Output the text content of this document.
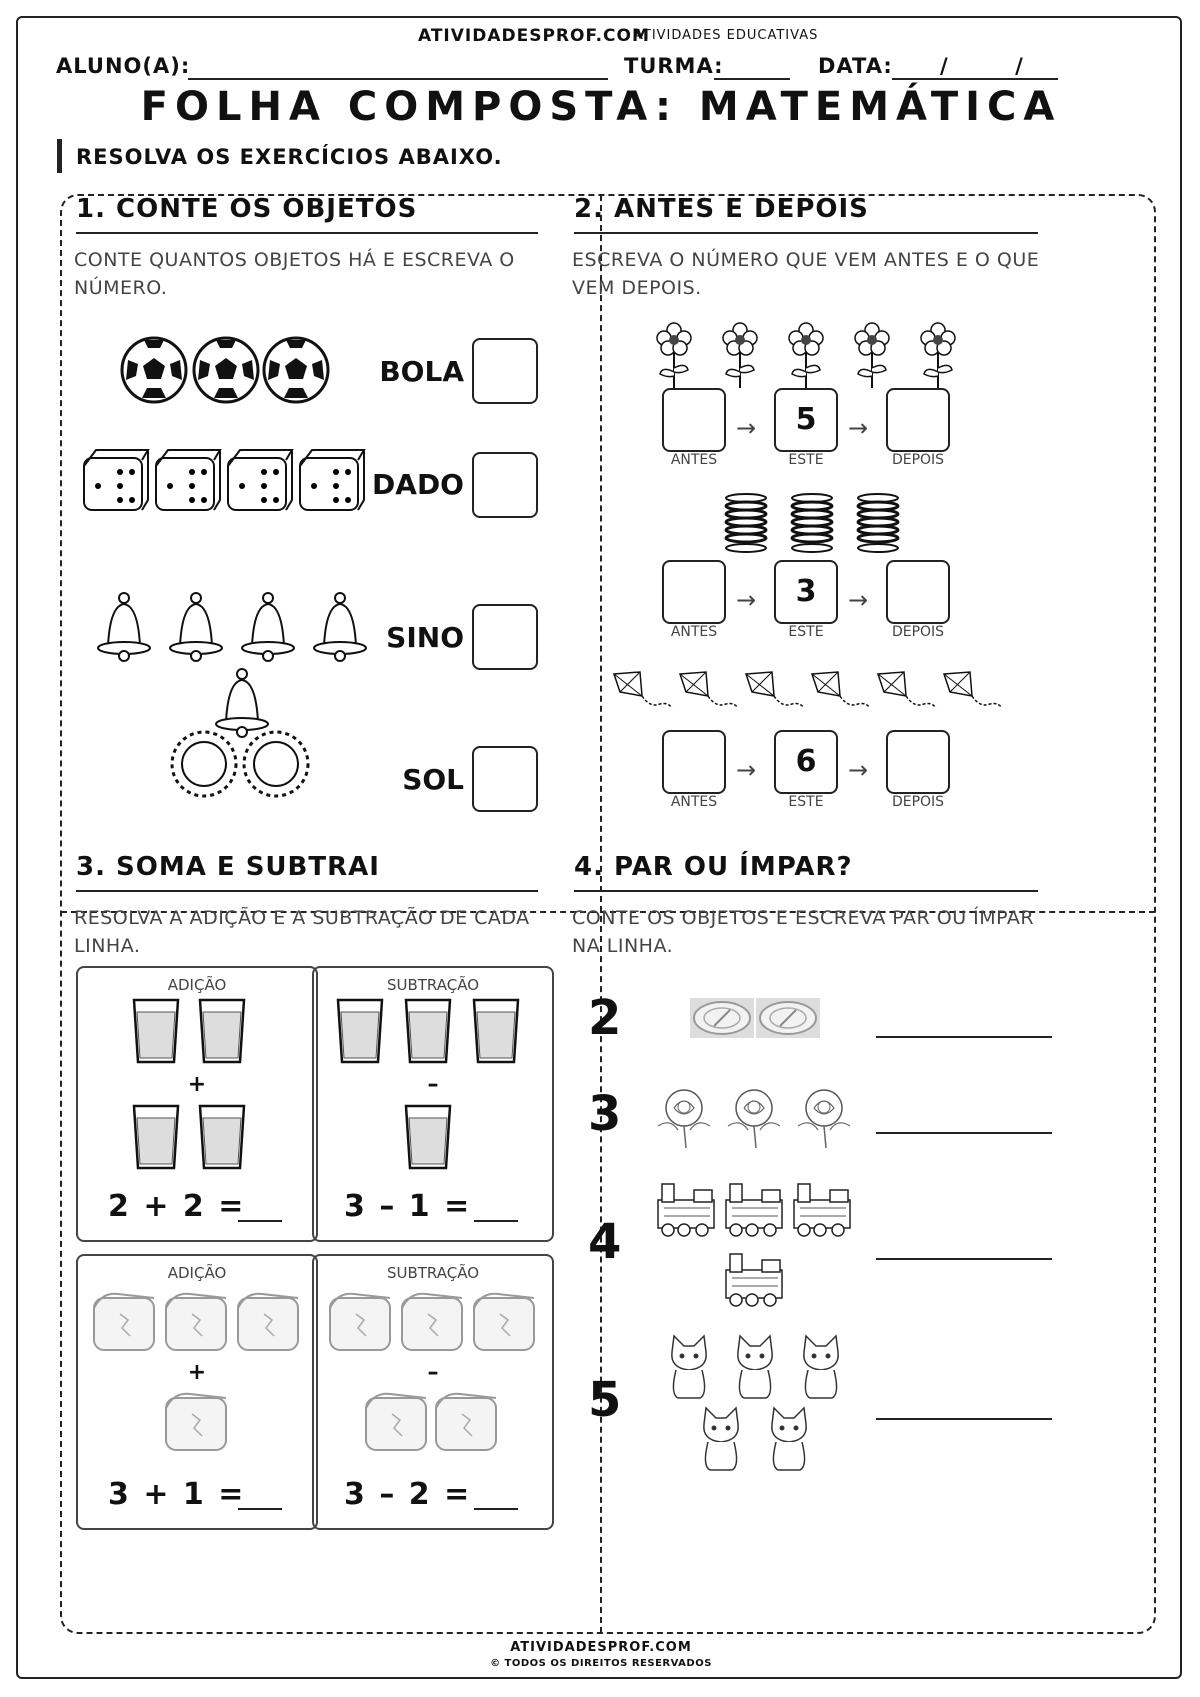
ATIVIDADESPROF.COM
ATIVIDADES EDUCATIVAS
ALUNO(A):	TURMA:	DATA: /        /
FOLHA COMPOSTA: MATEMÁTICA
RESOLVA OS EXERCÍCIOS ABAIXO.
1. CONTE OS OBJETOS
CONTE QUANTOS OBJETOS HÁ E ESCREVA O NÚMERO.
BOLA
DADO
SINO
SOL
2. ANTES E DEPOIS
ESCREVA O NÚMERO QUE VEM ANTES E O QUE VEM DEPOIS.
→	5	→
ANTES	ESTE	DEPOIS
→	3	→
ANTES	ESTE	DEPOIS
→	6	→
ANTES	ESTE	DEPOIS
3. SOMA E SUBTRAI
RESOLVA A ADIÇÃO E A SUBTRAÇÃO DE CADA LINHA.
ADIÇÃO
+
2 + 2 =
SUBTRAÇÃO
–
3 – 1 =
ADIÇÃO
+
3 + 1 =
SUBTRAÇÃO
–
3 – 2 =
4. PAR OU ÍMPAR?
CONTE OS OBJETOS E ESCREVA PAR OU ÍMPAR NA LINHA.
2
3
4
5
ATIVIDADESPROF.COM
© TODOS OS DIREITOS RESERVADOS
